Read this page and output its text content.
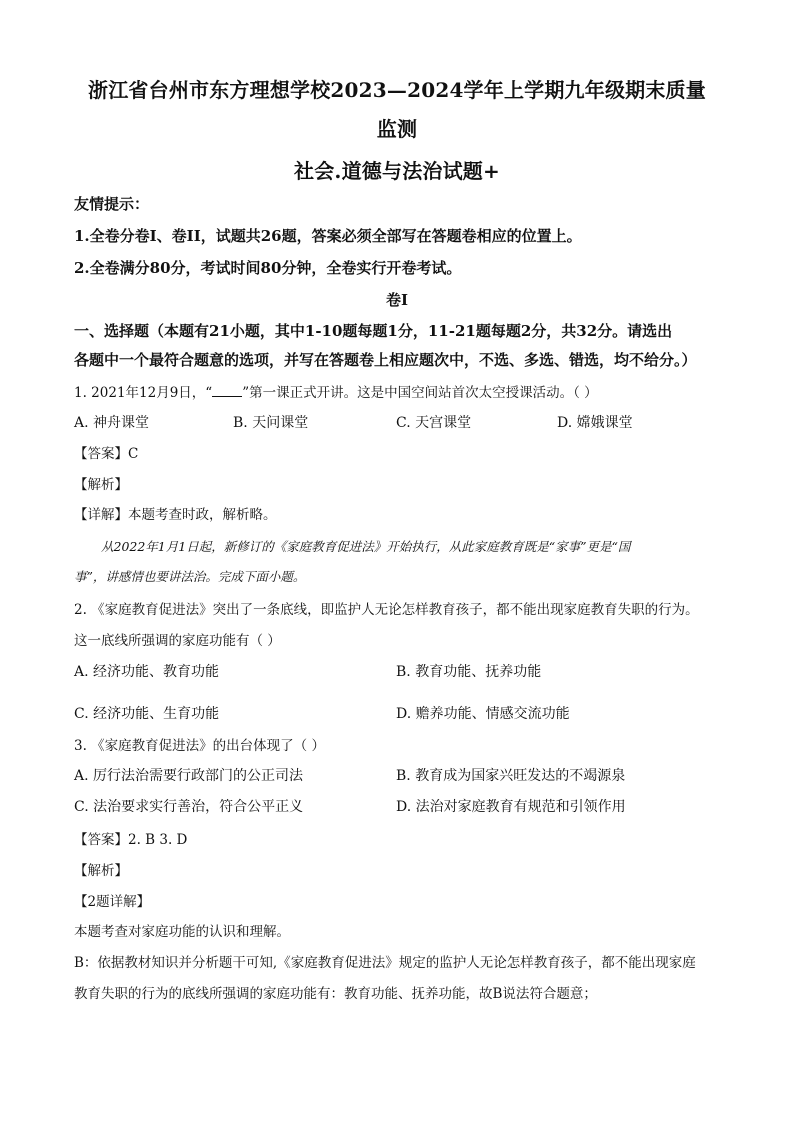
浙江省台州市东方理想学校2023—2024学年上学期九年级期末质量
监测
社会.道德与法治试题+
友情提示：
1.全卷分卷I、卷II，试题共26题，答案必须全部写在答题卷相应的位置上。
2.全卷满分80分，考试时间80分钟，全卷实行开卷考试。
卷I
一、选择题（本题有21小题，其中1-10题每题1分，11-21题每题2分，共32分。请选出
各题中一个最符合题意的选项，并写在答题卷上相应题次中，不选、多选、错选，均不给分。）
1. 2021年12月9日，“ ”第一课正式开讲。这是中国空间站首次太空授课活动。（ ）
A. 神舟课堂	B. 天问课堂	C. 天宫课堂	D. 嫦娥课堂
【答案】C
【解析】
【详解】本题考查时政，解析略。
从2022年1月1日起，新修订的《家庭教育促进法》开始执行，从此家庭教育既是“家事”更是“国
事”，讲感情也要讲法治。完成下面小题。
2. 《家庭教育促进法》突出了一条底线，即监护人无论怎样教育孩子，都不能出现家庭教育失职的行为。
这一底线所强调的家庭功能有（ ）
A. 经济功能、教育功能	B. 教育功能、抚养功能
C. 经济功能、生育功能	D. 赡养功能、情感交流功能
3. 《家庭教育促进法》的出台体现了（ ）
A. 厉行法治需要行政部门的公正司法	B. 教育成为国家兴旺发达的不竭源泉
C. 法治要求实行善治，符合公平正义	D. 法治对家庭教育有规范和引领作用
【答案】2. B 3. D
【解析】
【2题详解】
本题考查对家庭功能的认识和理解。
B：依据教材知识并分析题干可知,《家庭教育促进法》规定的监护人无论怎样教育孩子，都不能出现家庭
教育失职的行为的底线所强调的家庭功能有：教育功能、抚养功能，故B说法符合题意；
